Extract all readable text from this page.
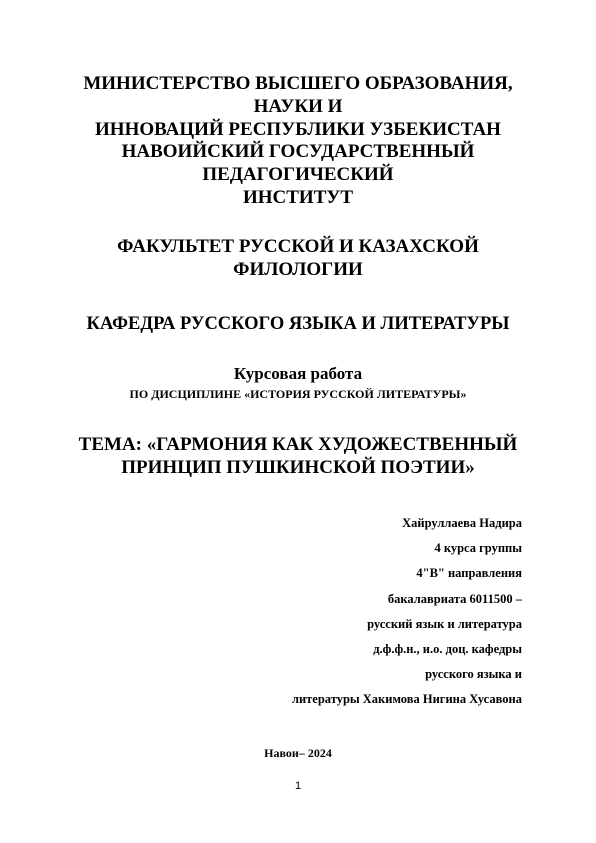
МИНИСТЕРСТВО ВЫСШЕГО ОБРАЗОВАНИЯ,
НАУКИ И
ИННОВАЦИЙ РЕСПУБЛИКИ УЗБЕКИСТАН
НАВОИЙСКИЙ ГОСУДАРСТВЕННЫЙ
ПЕДАГОГИЧЕСКИЙ
ИНСТИТУТ
ФАКУЛЬТЕТ РУССКОЙ И КАЗАХСКОЙ
ФИЛОЛОГИИ
КАФЕДРА РУССКОГО ЯЗЫКА И ЛИТЕРАТУРЫ
Курсовая работа
ПО ДИСЦИПЛИНЕ «ИСТОРИЯ РУССКОЙ ЛИТЕРАТУРЫ»
ТЕМА: «ГАРМОНИЯ КАК ХУДОЖЕСТВЕННЫЙ
ПРИНЦИП ПУШКИНСКОЙ ПОЭТИИ»
Хайруллаева Надира
4 курса группы
4"В" направления
бакалавриата 6011500 –
русский язык и литература
д.ф.ф.н., и.о. доц. кафедры
русского языка и
литературы Хакимова Нигина Хусавона
Навои– 2024
1
